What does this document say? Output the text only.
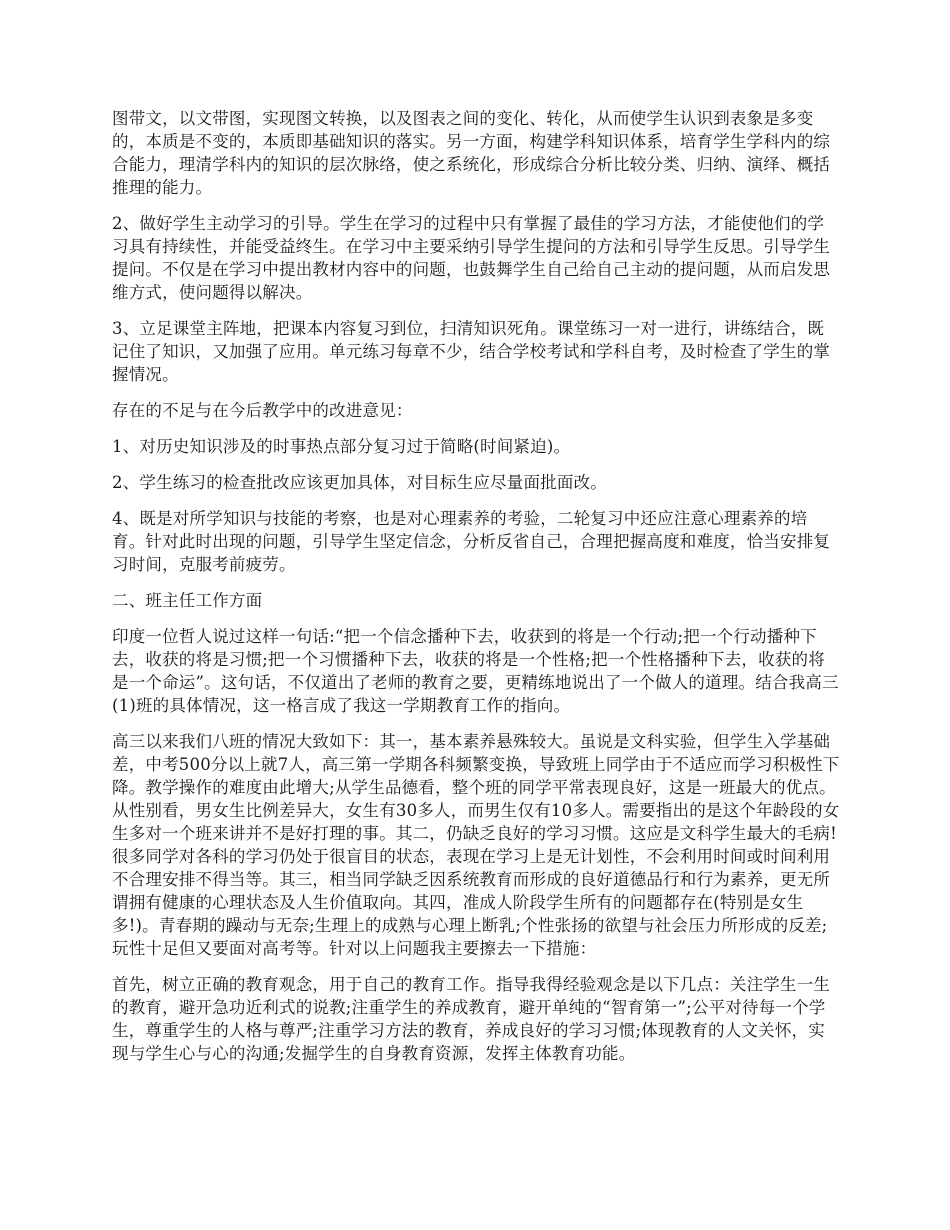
图带文，以文带图，实现图文转换，以及图表之间的变化、转化，从而使学生认识到表象是多变的，本质是不变的，本质即基础知识的落实。另一方面，构建学科知识体系，培育学生学科内的综合能力，理清学科内的知识的层次脉络，使之系统化，形成综合分析比较分类、归纳、演绎、概括推理的能力。

2、做好学生主动学习的引导。学生在学习的过程中只有掌握了最佳的学习方法，才能使他们的学习具有持续性，并能受益终生。在学习中主要采纳引导学生提问的方法和引导学生反思。引导学生提问。不仅是在学习中提出教材内容中的问题，也鼓舞学生自己给自己主动的提问题，从而启发思维方式，使问题得以解决。

3、立足课堂主阵地，把课本内容复习到位，扫清知识死角。课堂练习一对一进行，讲练结合，既记住了知识，又加强了应用。单元练习每章不少，结合学校考试和学科自考，及时检查了学生的掌握情况。

存在的不足与在今后教学中的改进意见：

1、对历史知识涉及的时事热点部分复习过于简略(时间紧迫)。

2、学生练习的检查批改应该更加具体，对目标生应尽量面批面改。

4、既是对所学知识与技能的考察，也是对心理素养的考验，二轮复习中还应注意心理素养的培育。针对此时出现的问题，引导学生坚定信念，分析反省自己，合理把握高度和难度，恰当安排复习时间，克服考前疲劳。

二、班主任工作方面

印度一位哲人说过这样一句话:“把一个信念播种下去，收获到的将是一个行动;把一个行动播种下去，收获的将是习惯;把一个习惯播种下去，收获的将是一个性格;把一个性格播种下去，收获的将是一个命运”。这句话，不仅道出了老师的教育之要，更精练地说出了一个做人的道理。结合我高三(1)班的具体情况，这一格言成了我这一学期教育工作的指向。

高三以来我们八班的情况大致如下：其一，基本素养悬殊较大。虽说是文科实验，但学生入学基础差，中考500分以上就7人，高三第一学期各科频繁变换，导致班上同学由于不适应而学习积极性下降。教学操作的难度由此增大;从学生品德看，整个班的同学平常表现良好，这是一班最大的优点。从性别看，男女生比例差异大，女生有30多人，而男生仅有10多人。需要指出的是这个年龄段的女生多对一个班来讲并不是好打理的事。其二，仍缺乏良好的学习习惯。这应是文科学生最大的毛病!很多同学对各科的学习仍处于很盲目的状态，表现在学习上是无计划性，不会利用时间或时间利用不合理安排不得当等。其三，相当同学缺乏因系统教育而形成的良好道德品行和行为素养，更无所谓拥有健康的心理状态及人生价值取向。其四，准成人阶段学生所有的问题都存在(特别是女生多!)。青春期的躁动与无奈;生理上的成熟与心理上断乳;个性张扬的欲望与社会压力所形成的反差;玩性十足但又要面对高考等。针对以上问题我主要擦去一下措施：

首先，树立正确的教育观念，用于自己的教育工作。指导我得经验观念是以下几点：关注学生一生的教育，避开急功近利式的说教;注重学生的养成教育，避开单纯的“智育第一”;公平对待每一个学生，尊重学生的人格与尊严;注重学习方法的教育，养成良好的学习习惯;体现教育的人文关怀，实现与学生心与心的沟通;发掘学生的自身教育资源，发挥主体教育功能。
